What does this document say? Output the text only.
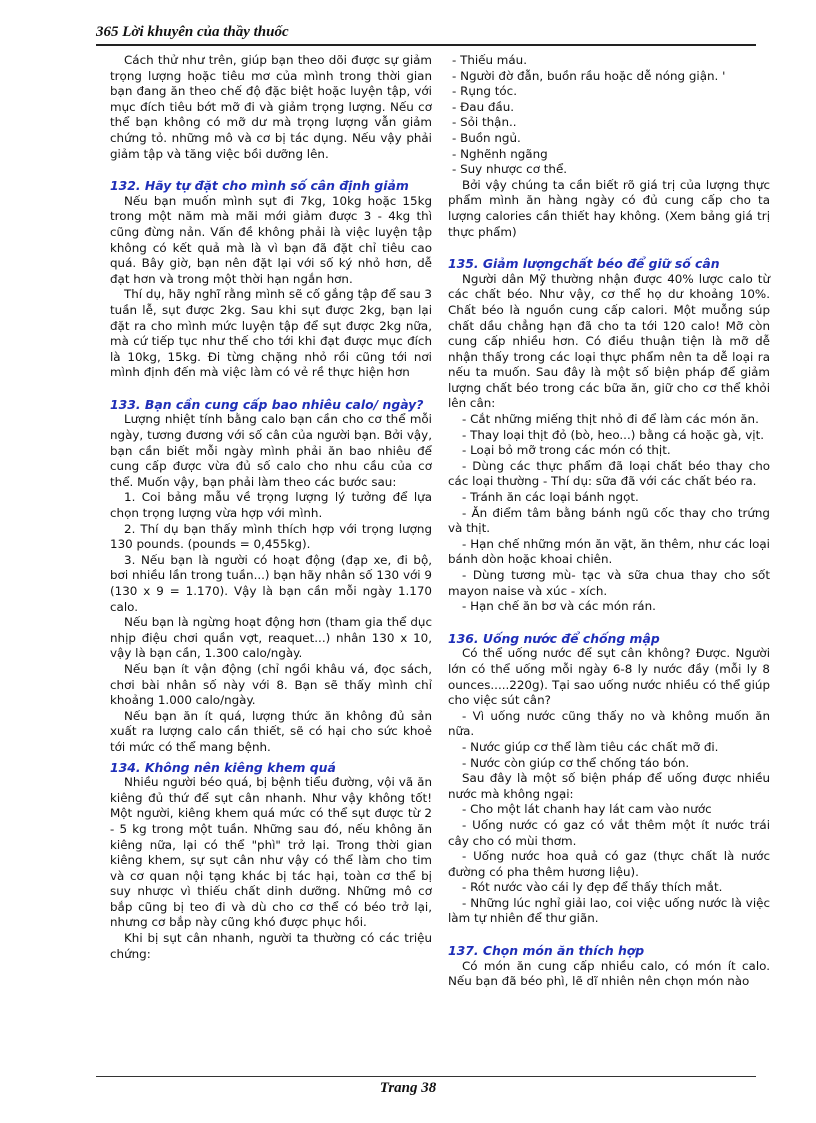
365 Lời khuyên của thầy thuốc

Cách thử như trên, giúp bạn theo dõi được sự giảm trọng lượng hoặc tiêu mơ của mình trong thời gian bạn đang ăn theo chế độ đặc biệt hoặc luyện tập, với mục đích tiêu bớt mỡ đi và giảm trọng lượng. Nếu cơ thể bạn không có mỡ dư mà trọng lượng vẫn giảm chứng tỏ. những mô và cơ bị tác dụng. Nếu vậy phải giảm tập và tăng việc bồi dưỡng lên.

132. Hãy tự đặt cho mình số cân định giảm

Nếu bạn muốn mình sụt đi 7kg, 10kg hoặc 15kg trong một năm mà mãi mới giảm được 3 - 4kg thì cũng đừng nản. Vấn đề không phải là việc luyện tập không có kết quả mà là vì bạn đã đặt chỉ tiêu cao quá. Bây giờ, bạn nên đặt lại với số ký nhỏ hơn, dễ đạt hơn và trong một thời hạn ngắn hơn.

Thí dụ, hãy nghĩ rằng mình sẽ cố gắng tập để sau 3 tuần lễ, sụt được 2kg. Sau khi sụt được 2kg, bạn lại đặt ra cho mình mức luyện tập để sụt được 2kg nữa, mà cứ tiếp tục như thế cho tới khi đạt được mục đích là 10kg, 15kg. Đi từng chặng nhỏ rồi cũng tới nơi mình định đến mà việc làm có vẻ rề thực hiện hơn

133. Bạn cần cung cấp bao nhiêu calo/ ngày?

Lượng nhiệt tính bằng calo bạn cần cho cơ thể mỗi ngày, tương đương với số cân của người bạn. Bởi vậy, bạn cần biết mỗi ngày mình phải ăn bao nhiêu để cung cấp được vừa đủ số calo cho nhu cầu của cơ thể. Muốn vậy, bạn phải làm theo các bước sau:

1. Coi bảng mẫu về trọng lượng lý tưởng để lựa chọn trọng lượng vừa hợp với mình.

2. Thí dụ bạn thấy mình thích hợp với trọng lượng 130 pounds. (pounds = 0,455kg).

3. Nếu bạn là người có hoạt động (đạp xe, đi bộ, bơi nhiều lần trong tuần...) bạn hãy nhân số 130 với 9 (130 x 9 = 1.170). Vậy là bạn cần mỗi ngày 1.170 calo.

Nếu bạn là ngừng hoạt động hơn (tham gia thể dục nhịp điệu chơi quần vợt, reaquet...) nhân 130 x 10, vậy là bạn cần, 1.300 calo/ngày.

Nếu bạn ít vận động (chỉ ngồi khâu vá, đọc sách, chơi bài nhân số này với 8. Bạn sẽ thấy mình chỉ khoảng 1.000 calo/ngày.

Nếu bạn ăn ít quá, lượng thức ăn không đủ sản xuất ra lượng calo cần thiết, sẽ có hại cho sức khoẻ tới mức có thể mang bệnh.

134. Không nên kiêng khem quá

Nhiều người béo quá, bị bệnh tiểu đường, vội vã ăn kiêng đủ thứ để sụt cân nhanh. Như vậy không tốt! Một người, kiêng khem quá mức có thể sụt được từ 2 - 5 kg trong một tuần. Những sau đó, nếu không ăn kiêng nữa, lại có thể "phì" trở lại. Trong thời gian kiêng khem, sự sụt cân như vậy có thể làm cho tim và cơ quan nội tạng khác bị tác hại, toàn cơ thể bị suy nhược vì thiếu chất dinh dưỡng. Những mô cơ bắp cũng bị teo đi và dù cho cơ thể có béo trở lại, nhưng cơ bắp này cũng khó được phục hồi.

Khi bị sụt cân nhanh, người ta thường có các triệu chứng:

- Thiếu máu.

- Người đờ đẫn, buồn rầu hoặc dễ nóng giận. '

- Rụng tóc.

- Đau đầu.

- Sỏi thận..

- Buồn ngủ.

- Nghẽnh ngãng

- Suy nhược cơ thể.

Bởi vậy chúng ta cần biết rõ giá trị của lượng thực phẩm mình ăn hàng ngày có đủ cung cấp cho ta lượng calories cần thiết hay không. (Xem bảng giá trị thực phẩm)

135. Giảm lượngchất béo để giữ số cân

Người dân Mỹ thường nhận được 40% lược calo từ các chất béo. Như vậy, cơ thể họ dư khoảng 10%. Chất béo là nguồn cung cấp calori. Một muỗng súp chất dầu chẳng hạn đã cho ta tới 120 calo! Mỡ còn cung cấp nhiều hơn. Có điều thuận tiện là mỡ dễ nhận thấy trong các loại thực phẩm nên ta dễ loại ra nếu ta muốn. Sau đây là một số biện pháp để giảm lượng chất béo trong các bữa ăn, giữ cho cơ thể khỏi lên cân:

- Cắt những miếng thịt nhỏ đi để làm các món ăn.

- Thay loại thịt đỏ (bò, heo...) bằng cá hoặc gà, vịt.

- Loại bỏ mỡ trong các món có thịt.

- Dùng các thực phẩm đã loại chất béo thay cho các loại thường - Thí dụ: sữa đã với các chất béo ra.

- Tránh ăn các loại bánh ngọt.

- Ăn điểm tâm bằng bánh ngũ cốc thay cho trứng và thịt.

- Hạn chế những món ăn vặt, ăn thêm, như các loại bánh dòn hoặc khoai chiên.

- Dùng tương mù- tạc và sữa chua thay cho sốt mayon naise và xúc - xích.

- Hạn chế ăn bơ và các món rán.

136. Uống nước để chống mập

Có thể uống nước để sụt cân không? Được. Người lớn có thể uống mỗi ngày 6-8 ly nước đầy (mỗi ly 8 ounces.....220g). Tại sao uống nước nhiều có thể giúp cho việc sút cân?

- Vì uống nước cũng thấy no và không muốn ăn nữa.

- Nước giúp cơ thể làm tiêu các chất mỡ đi.

- Nước còn giúp cơ thể chống táo bón.

Sau đây là một số biện pháp để uống được nhiều nước mà không ngại:

- Cho một lát chanh hay lát cam vào nước

- Uống nước có gaz có vắt thêm một ít nước trái cây cho có mùi thơm.

- Uống nước hoa quả có gaz (thực chất là nước đường có pha thêm hương liệu).

- Rót nước vào cái ly đẹp để thấy thích mắt.

- Những lúc nghỉ giải lao, coi việc uống nước là việc làm tự nhiên để thư giãn.

137. Chọn món ăn thích hợp

Có món ăn cung cấp nhiều calo, có món ít calo. Nếu bạn đã béo phì, lẽ dĩ nhiên nên chọn món nào

Trang 38
